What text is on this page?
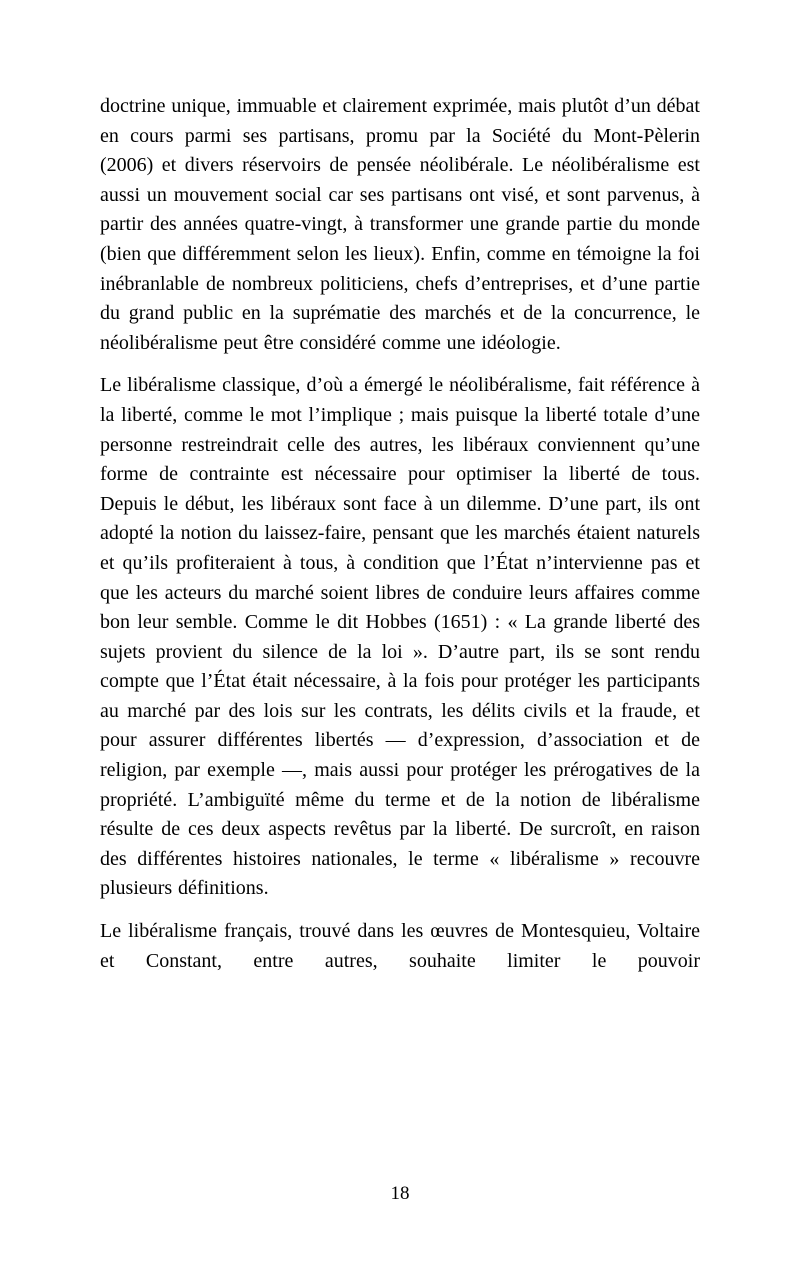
doctrine unique, immuable et clairement exprimée, mais plutôt d’un débat en cours parmi ses partisans, promu par la Société du Mont-Pèlerin (2006) et divers réservoirs de pensée néolibérale. Le néolibéralisme est aussi un mouvement social car ses partisans ont visé, et sont parvenus, à partir des années quatre-vingt, à transformer une grande partie du monde (bien que différemment selon les lieux). Enfin, comme en témoigne la foi inébranlable de nombreux politiciens, chefs d’entreprises, et d’une partie du grand public en la suprématie des marchés et de la concurrence, le néolibéralisme peut être considéré comme une idéologie.

Le libéralisme classique, d’où a émergé le néolibéralisme, fait référence à la liberté, comme le mot l’implique ; mais puisque la liberté totale d’une personne restreindrait celle des autres, les libéraux conviennent qu’une forme de contrainte est nécessaire pour optimiser la liberté de tous. Depuis le début, les libéraux sont face à un dilemme. D’une part, ils ont adopté la notion du laissez-faire, pensant que les marchés étaient naturels et qu’ils profiteraient à tous, à condition que l’État n’intervienne pas et que les acteurs du marché soient libres de conduire leurs affaires comme bon leur semble. Comme le dit Hobbes (1651) : « La grande liberté des sujets provient du silence de la loi ». D’autre part, ils se sont rendu compte que l’État était nécessaire, à la fois pour protéger les participants au marché par des lois sur les contrats, les délits civils et la fraude, et pour assurer différentes libertés — d’expression, d’association et de religion, par exemple —, mais aussi pour protéger les prérogatives de la propriété. L’ambiguïté même du terme et de la notion de libéralisme résulte de ces deux aspects revêtus par la liberté. De surcroît, en raison des différentes histoires nationales, le terme « libéralisme » recouvre plusieurs définitions.

Le libéralisme français, trouvé dans les œuvres de Montesquieu, Voltaire et Constant, entre autres, souhaite limiter le pouvoir

18
